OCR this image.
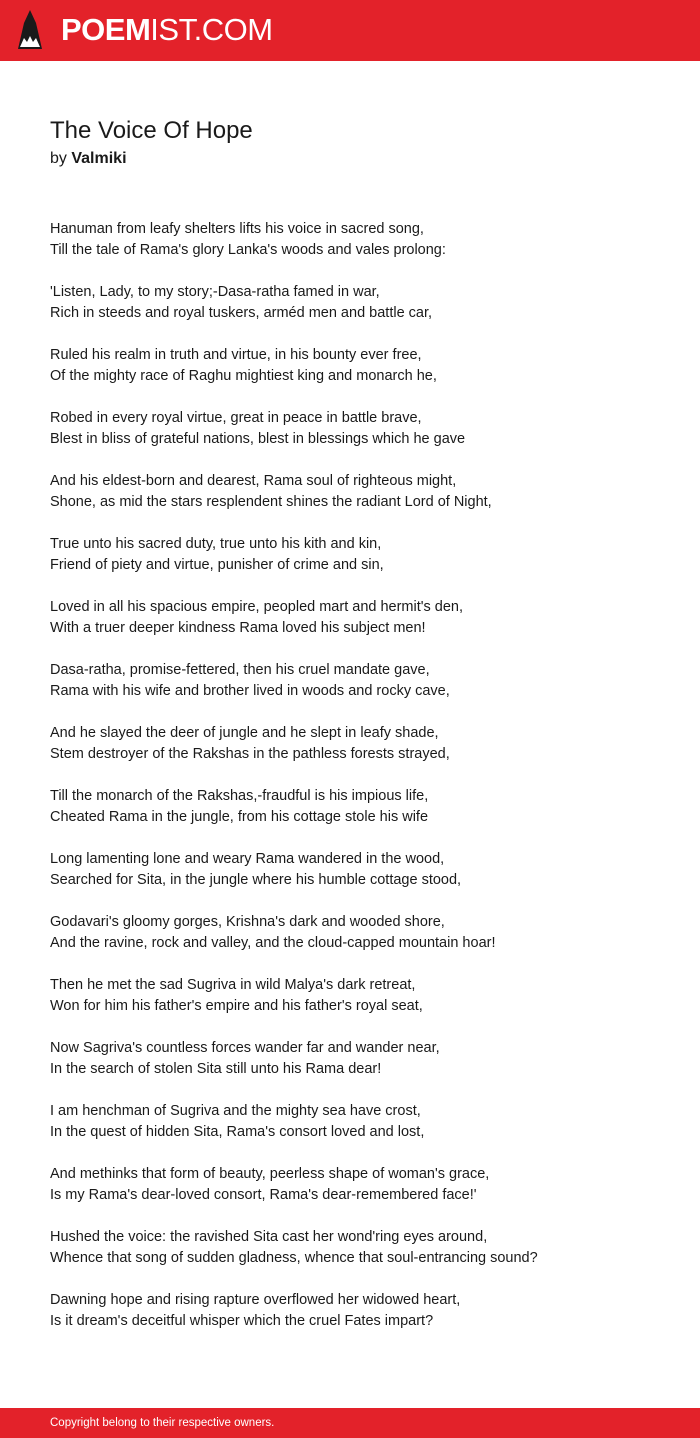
POEMIST.COM
The Voice Of Hope
by Valmiki

Hanuman from leafy shelters lifts his voice in sacred song,
Till the tale of Rama's glory Lanka's woods and vales prolong:

'Listen, Lady, to my story;-Dasa-ratha famed in war,
Rich in steeds and royal tuskers, arméd men and battle car,

Ruled his realm in truth and virtue, in his bounty ever free,
Of the mighty race of Raghu mightiest king and monarch he,

Robed in every royal virtue, great in peace in battle brave,
Blest in bliss of grateful nations, blest in blessings which he gave

And his eldest-born and dearest, Rama soul of righteous might,
Shone, as mid the stars resplendent shines the radiant Lord of Night,

True unto his sacred duty, true unto his kith and kin,
Friend of piety and virtue, punisher of crime and sin,

Loved in all his spacious empire, peopled mart and hermit's den,
With a truer deeper kindness Rama loved his subject men!

Dasa-ratha, promise-fettered, then his cruel mandate gave,
Rama with his wife and brother lived in woods and rocky cave,

And he slayed the deer of jungle and he slept in leafy shade,
Stem destroyer of the Rakshas in the pathless forests strayed,

Till the monarch of the Rakshas,-fraudful is his impious life,
Cheated Rama in the jungle, from his cottage stole his wife

Long lamenting lone and weary Rama wandered in the wood,
Searched for Sita, in the jungle where his humble cottage stood,

Godavari's gloomy gorges, Krishna's dark and wooded shore,
And the ravine, rock and valley, and the cloud-capped mountain hoar!

Then he met the sad Sugriva in wild Malya's dark retreat,
Won for him his father's empire and his father's royal seat,

Now Sagriva's countless forces wander far and wander near,
In the search of stolen Sita still unto his Rama dear!

I am henchman of Sugriva and the mighty sea have crost,
In the quest of hidden Sita, Rama's consort loved and lost,

And methinks that form of beauty, peerless shape of woman's grace,
Is my Rama's dear-loved consort, Rama's dear-remembered face!'

Hushed the voice: the ravished Sita cast her wond'ring eyes around,
Whence that song of sudden gladness, whence that soul-entrancing sound?

Dawning hope and rising rapture overflowed her widowed heart,
Is it dream's deceitful whisper which the cruel Fates impart?

Copyright belong to their respective owners.
